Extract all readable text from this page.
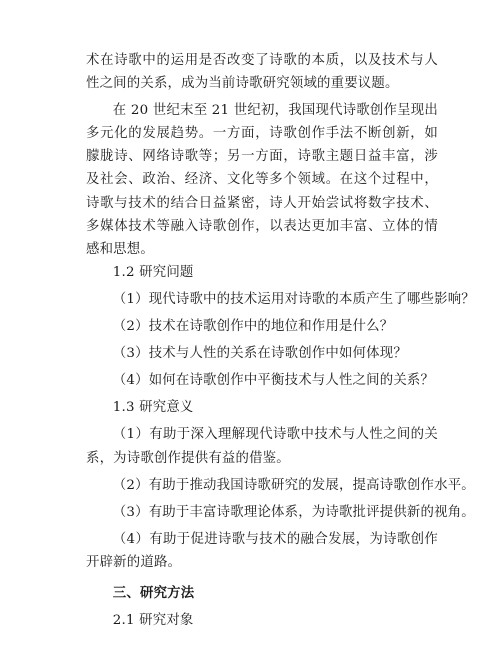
术在诗歌中的运用是否改变了诗歌的本质，以及技术与人性之间的关系，成为当前诗歌研究领域的重要议题。

在 20 世纪末至 21 世纪初，我国现代诗歌创作呈现出多元化的发展趋势。一方面，诗歌创作手法不断创新，如朦胧诗、网络诗歌等；另一方面，诗歌主题日益丰富，涉及社会、政治、经济、文化等多个领域。在这个过程中，诗歌与技术的结合日益紧密，诗人开始尝试将数字技术、多媒体技术等融入诗歌创作，以表达更加丰富、立体的情感和思想。

1.2 研究问题

（1）现代诗歌中的技术运用对诗歌的本质产生了哪些影响？

（2）技术在诗歌创作中的地位和作用是什么？

（3）技术与人性的关系在诗歌创作中如何体现？

（4）如何在诗歌创作中平衡技术与人性之间的关系？

1.3 研究意义

（1）有助于深入理解现代诗歌中技术与人性之间的关系，为诗歌创作提供有益的借鉴。

（2）有助于推动我国诗歌研究的发展，提高诗歌创作水平。

（3）有助于丰富诗歌理论体系，为诗歌批评提供新的视角。

（4）有助于促进诗歌与技术的融合发展，为诗歌创作开辟新的道路。

三、研究方法

2.1 研究对象
